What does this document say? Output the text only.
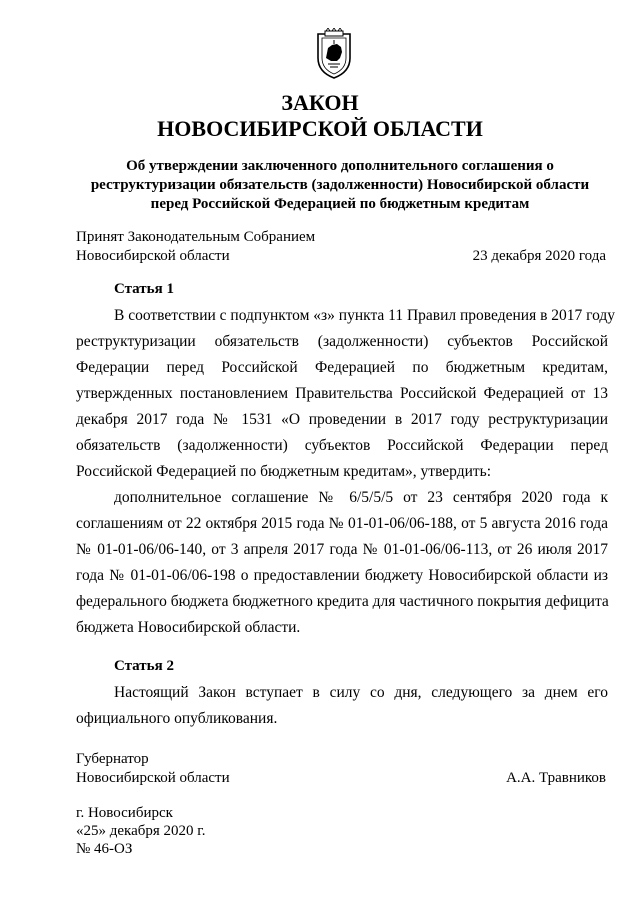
ЗАКОН
НОВОСИБИРСКОЙ ОБЛАСТИ
Об утверждении заключенного дополнительного соглашения о
реструктуризации обязательств (задолженности) Новосибирской области
перед Российской Федерацией по бюджетным кредитам
Принят Законодательным Собранием
Новосибирской области	23 декабря 2020 года
Статья 1
В соответствии с подпунктом «з» пункта 11 Правил проведения в 2017 году
реструктуризации обязательств (задолженности) субъектов Российской
Федерации перед Российской Федерацией по бюджетным кредитам,
утвержденных постановлением Правительства Российской Федерацией от 13
декабря 2017 года № 1531 «О проведении в 2017 году реструктуризации
обязательств (задолженности) субъектов Российской Федерации перед
Российской Федерацией по бюджетным кредитам», утвердить:
дополнительное соглашение № 6/5/5/5 от 23 сентября 2020 года к
соглашениям от 22 октября 2015 года № 01-01-06/06-188, от 5 августа 2016 года
№ 01-01-06/06-140, от 3 апреля 2017 года № 01-01-06/06-113, от 26 июля 2017
года № 01-01-06/06-198 о предоставлении бюджету Новосибирской области из
федерального бюджета бюджетного кредита для частичного покрытия дефицита
бюджета Новосибирской области.
Статья 2
Настоящий Закон вступает в силу со дня, следующего за днем его
официального опубликования.
Губернатор
Новосибирской области	А.А. Травников
г. Новосибирск
«25» декабря 2020 г.
№ 46-ОЗ
